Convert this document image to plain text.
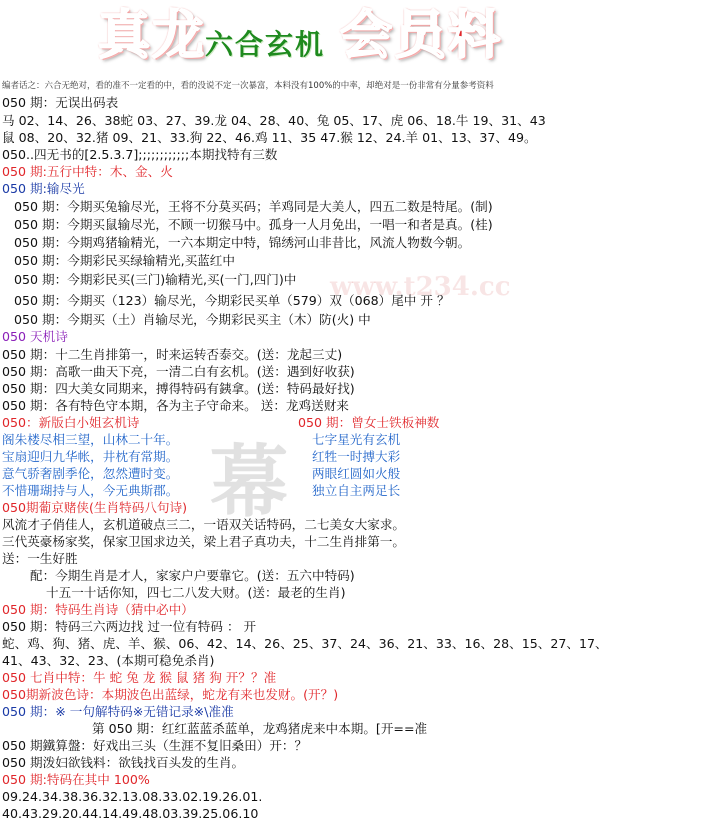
真龙
六合玄机 会员料
www.t234.cc
幕
编者话之：六合无绝对，看的准不一定看的中，看的没说不定一次暴富，本料没有100%的中率，却绝对是一份非常有分量参考资料
050 期：无误出码表
马 02、14、26、38蛇 03、27、39.龙 04、28、40、兔 05、17、虎 06、18.牛 19、31、43
鼠 08、20、32.猪 09、21、33.狗 22、46.鸡 11、35 47.猴 12、24.羊 01、13、37、49。
050..四无书的[2.5.3.7];;;;;;;;;;;;本期找特有三数
050 期:五行中特：木、金、火
050 期:输尽光
050 期：今期买兔输尽光，王将不分莫买码；羊鸡同是大美人，四五二数是特尾。(制)
050 期：今期买鼠输尽光，不顾一切猴马中。孤身一人月免出，一唱一和者是真。(桂)
050 期：今期鸡猪输精光，一六本期定中特，锦绣河山非昔比，风流人物数今朝。
050 期：今期彩民买绿输精光,买蓝红中
050 期：今期彩民买(三门)输精光,买(一门,四门)中
050 期：今期买（123）输尽光，今期彩民买单（579）双（068）尾中 开 ？
050 期：今期买（土）肖输尽光，今期彩民买主（木）防(火) 中
050 天机诗
050 期：十二生肖排第一，时来运转否泰交。(送：龙起三丈)
050 期：高歌一曲天下亮，一清二白有玄机。(送：遇到好收获)
050 期：四大美女同期来，搏得特码有銕拿。(送：特码最好找)
050 期：各有特色守本期，各为主子守命来。 送：龙鸡送财来
050：新版白小姐玄机诗	050 期：曾女士铁板神数
阁朱楼尽相三望，山林二十年。	七字星光有玄机
宝扇迎归九华帐，井枕有常期。	红牲一时搏大彩
意气骄奢剧季伦，忽然遭时变。	两眼红圆如火般
不惜珊瑚持与人，今无典斯郡。	独立自主两足长
050期葡京赌侠(生肖特码八句诗)
风流才子俏佳人，玄机道破点三二，一语双关话特码，二七美女大家求。
三代英豪杨家奖，保家卫国求边关，梁上君子真功夫，十二生肖排第一。
送：一生好胜
配：今期生肖是才人，家家户户要靠它。(送：五六中特码)
十五一十话你知，四七二八发大财。(送：最老的生肖)
050 期：特码生肖诗（猜中必中）
050 期：特码三六两边找 过一位有特码 ： 开
蛇、鸡、狗、猪、虎、羊、猴、06、42、14、26、25、37、24、36、21、33、16、28、15、27、17、
41、43、32、23、(本期可稳免杀肖)
050 七肖中特：牛 蛇 兔 龙 猴 鼠 猪 狗 开？？准
050期新波色诗：本期波色出蓝绿，蛇龙有来也发财。(开？)
050 期：※ 一句解特码※无错记录※\准准
第 050 期：红红蓝蓝杀蓝单，龙鸡猪虎来中本期。[开==准
050 期鐵算盤：好戏出三头（生涯不复旧桑田）开：？
050 期泼妇欲钱料：欲钱找百头发的生肖。
050 期:特码在其中 100%
09.24.34.38.36.32.13.08.33.02.19.26.01.
40.43.29.20.44.14.49.48.03.39.25.06.10
